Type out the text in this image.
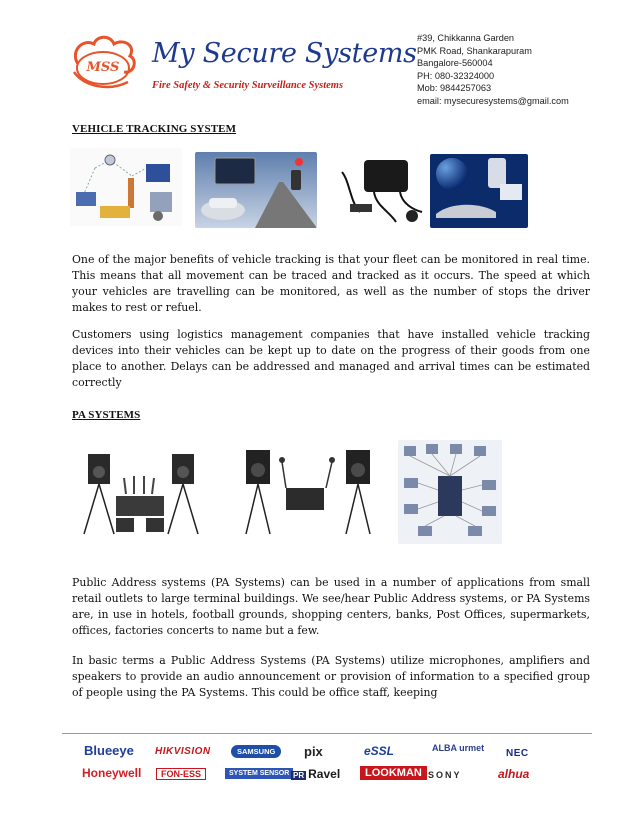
MSS My Secure Systems
Fire Safety & Security Surveillance Systems
#39, Chikkanna Garden
PMK Road, Shankarapuram
Bangalore-560004
PH: 080-32324000
Mob: 9844257063
email: mysecuresystems@gmail.com
VEHICLE TRACKING SYSTEM

One of the major benefits of vehicle tracking is that your fleet can be monitored in real time. This means that all movement can be traced and tracked as it occurs. The speed at which your vehicles are travelling can be monitored, as well as the number of stops the driver makes to rest or refuel.

Customers using logistics management companies that have installed vehicle tracking devices into their vehicles can be kept up to date on the progress of their goods from one place to another. Delays can be addressed and managed and arrival times can be estimated correctly

PA SYSTEMS

Public Address systems (PA Systems) can be used in a number of applications from small retail outlets to large terminal buildings. We see/hear Public Address systems, or PA Systems are, in use in hotels, football grounds, shopping centers, banks, Post Offices, supermarkets, offices, factories concerts to name but a few.

In basic terms a Public Address Systems (PA Systems) utilize microphones, amplifiers and speakers to provide an audio announcement or provision of information to a specified group of people using the PA Systems. This could be office staff, keeping

Blueeye HIKVISION	SAMSUNG	pix	eSSL	ALBA urmet NEC
Honeywell	FON-ESS	SYSTEM SENSOR PR Ravel	LOOKMAN SONY	alhua
